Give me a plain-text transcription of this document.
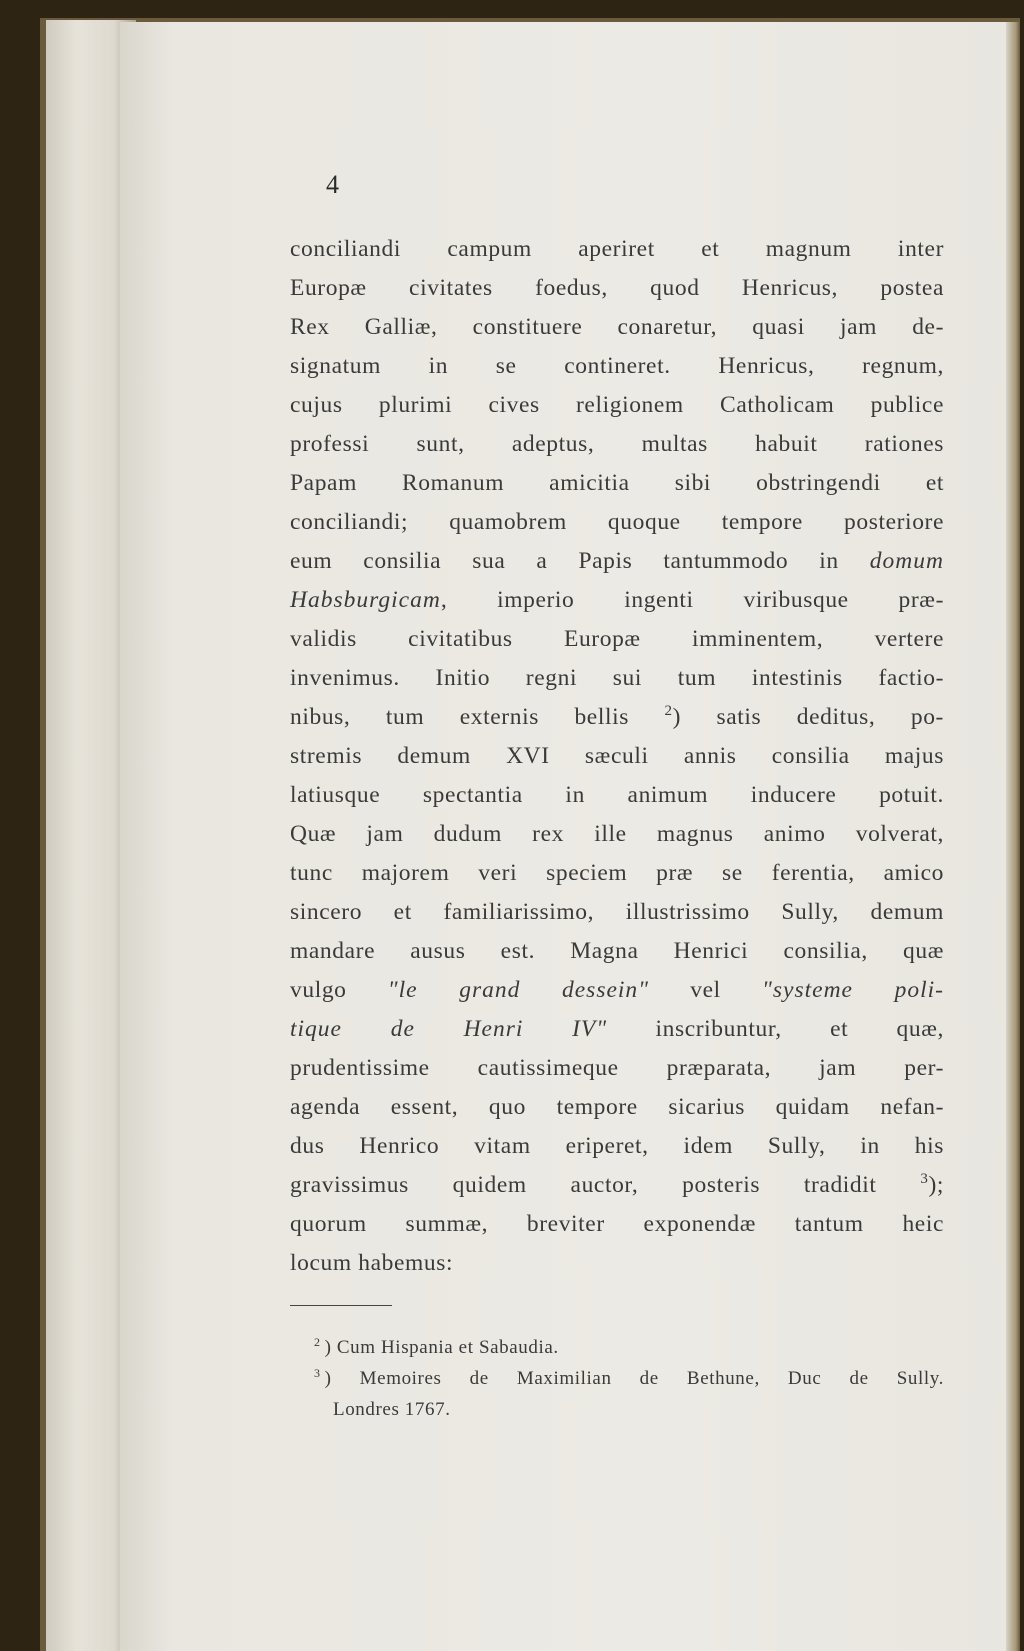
4
conciliandi campum aperiret et magnum inter
Europæ civitates foedus, quod Henricus, postea
Rex Galliæ, constituere conaretur, quasi jam de-
signatum in se contineret. Henricus, regnum,
cujus plurimi cives religionem Catholicam publice
professi sunt, adeptus, multas habuit rationes
Papam Romanum amicitia sibi obstringendi et
conciliandi; quamobrem quoque tempore posteriore
eum consilia sua a Papis tantummodo in domum
Habsburgicam, imperio ingenti viribusque præ-
validis civitatibus Europæ imminentem, vertere
invenimus. Initio regni sui tum intestinis factio-
nibus, tum externis bellis $^2$) satis deditus, po-
stremis demum XVI sæculi annis consilia majus
latiusque spectantia in animum inducere potuit.
Quæ jam dudum rex ille magnus animo volverat,
tunc majorem veri speciem præ se ferentia, amico
sincero et familiarissimo, illustrissimo Sully, demum
mandare ausus est. Magna Henrici consilia, quæ
vulgo "le grand dessein" vel "systeme poli-
tique de Henri IV" inscribuntur, et quæ,
prudentissime cautissimeque præparata, jam per-
agenda essent, quo tempore sicarius quidam nefan-
dus Henrico vitam eriperet, idem Sully, in his
gravissimus quidem auctor, posteris tradidit $^3$);
quorum summæ, breviter exponendæ tantum heic
locum habemus:
$^2$ ) Cum Hispania et Sabaudia.
$^3$ ) Memoires de Maximilian de Bethune, Duc de Sully.
Londres 1767.
